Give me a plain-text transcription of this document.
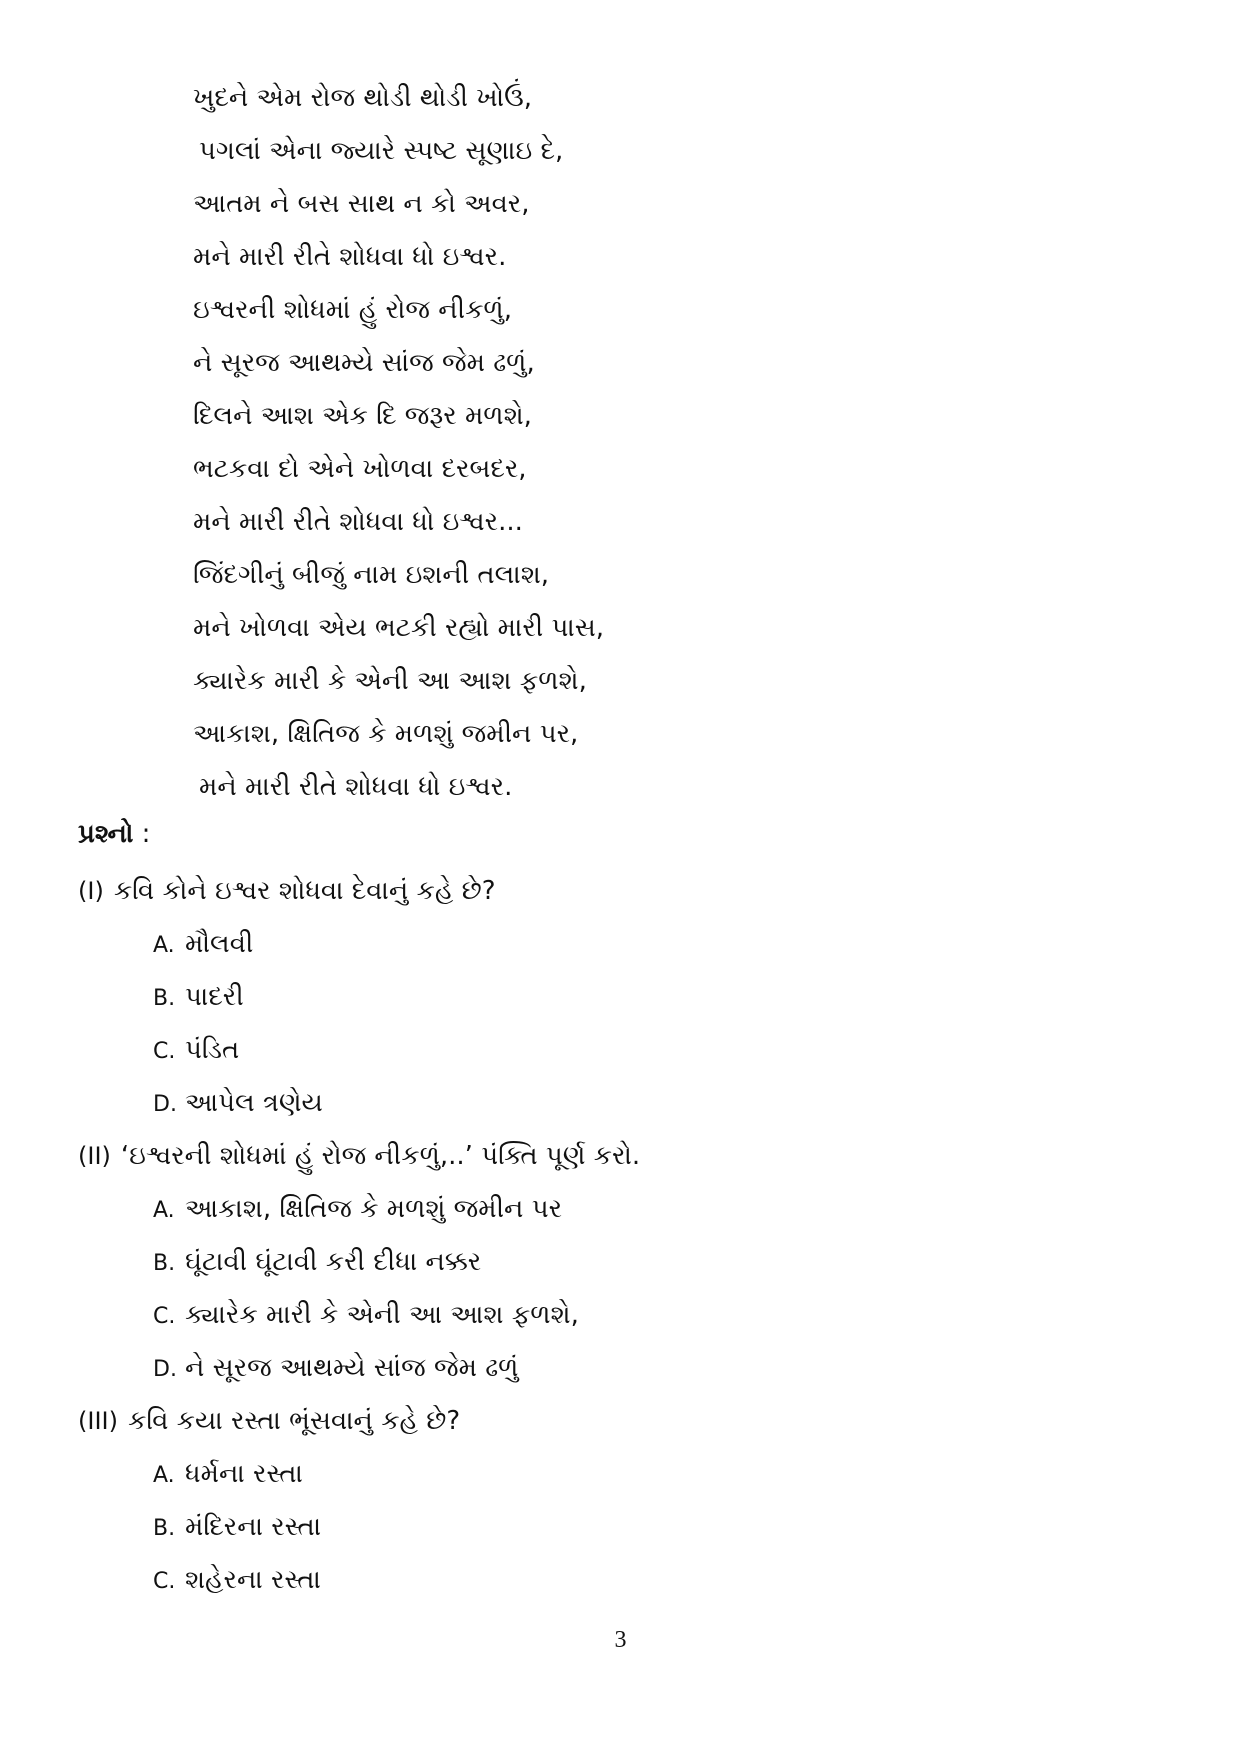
ખુદને એમ રોજ થોડી થોડી ખોઉં,
પગલાં એના જ્યારે સ્પષ્ટ સૂણાઇ દે,
આતમ ને બસ સાથ ન કો અવર,
મને મારી રીતે શોધવા ધો ઇશ્વર.
ઇશ્વરની શોધમાં હું રોજ નીકળું,
ને સૂરજ આથમ્યે સાંજ જેમ ઢળું,
દિલને આશ એક દિ જરૂર મળશે,
ભટકવા દો એને ખોળવા દરબદર,
મને મારી રીતે શોધવા ધો ઇશ્વર...
જિંદગીનું બીજું નામ ઇશની તલાશ,
મને ખોળવા એય ભટકી રહ્યો મારી પાસ,
ક્યારેક મારી કે એની આ આશ ફળશે,
આકાશ, ક્ષિતિજ કે મળશું જમીન પર,
મને મારી રીતે શોધવા ધો ઇશ્વર.
પ્રશ્નો :
(I) કવિ કોને ઇશ્વર શોધવા દેવાનું કહે છે?
A. મૌલવી
B. પાદરી
C. પંડિત
D. આપેલ ત્રણેય
(II) ‘ઇશ્વરની શોધમાં હું રોજ નીકળું,..’ પંક્તિ પૂર્ણ કરો.
A. આકાશ, ક્ષિતિજ કે મળશું જમીન પર
B. ઘૂંટાવી ઘૂંટાવી કરી દીધા નક્કર
C. ક્યારેક મારી કે એની આ આશ ફળશે,
D. ને સૂરજ આથમ્યે સાંજ જેમ ઢળું
(III) કવિ કયા રસ્તા ભૂંસવાનું કહે છે?
A. ધર્મના રસ્તા
B. મંદિરના રસ્તા
C. શહેરના રસ્તા
3
